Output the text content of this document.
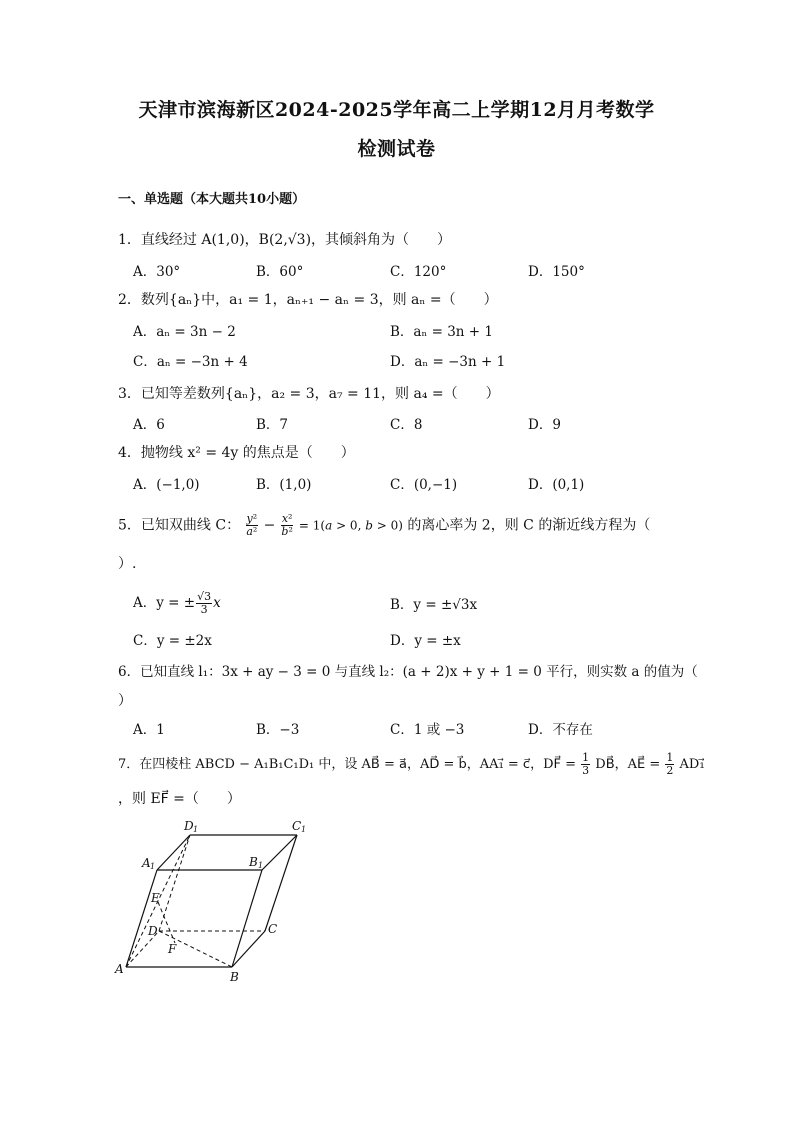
天津市滨海新区2024-2025学年高二上学期12月月考数学
检测试卷
一、单选题（本大题共10小题）
1．直线经过 A(1,0)，B(2,√3)，其倾斜角为（　　）
A．30°	B．60°	C．120°	D．150°
2．数列{aₙ}中，a₁ = 1，aₙ₊₁ − aₙ = 3，则 aₙ =（　　）
A．aₙ = 3n − 2	B．aₙ = 3n + 1
C．aₙ = −3n + 4	D．aₙ = −3n + 1
3．已知等差数列{aₙ}，a₂ = 3，a₇ = 11，则 a₄ =（　　）
A．6	B．7	C．8	D．9
4．抛物线 x² = 4y 的焦点是（　　）
A．(−1,0)	B．(1,0)	C．(0,−1)	D．(0,1)
5．已知双曲线 C： $\frac{\text{y²}}{\text{a²}} - \frac{\text{x²}}{\text{b²}} = 1(a > 0$, b > 0) 的离心率为 2，则 C 的渐近线方程为（
）.
A．y = ± $\frac{√3}{3}$ x	B．y = ±√3x
C．y = ±2x	D．y = ±x
6．已知直线 l₁：3x + ay − 3 = 0 与直线 l₂：(a + 2)x + y + 1 = 0 平行，则实数 a 的值为（
）
A．1	B．−3	C．1 或 −3	D．不存在
7．在四棱柱 ABCD − A₁B₁C₁D₁ 中，设 AB⃗ = a⃗，AD⃗ = b⃗，AA₁⃗ = c⃗，DF⃗ = $\frac{1}{3}$ DB⃗，AE⃗ = $\frac{1}{2}$ AD₁⃗
，则 EF⃗ =（　　）
D 1	C 1
A 1	B 1
E
D
F
C
A
B
